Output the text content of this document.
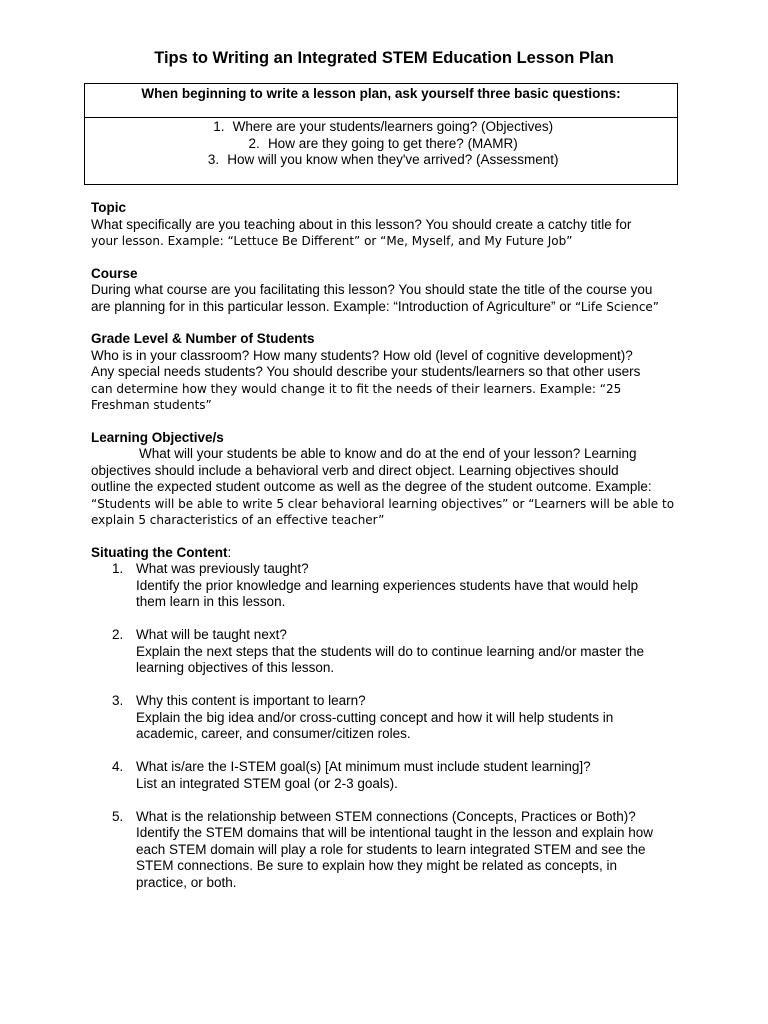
Tips to Writing an Integrated STEM Education Lesson Plan
When beginning to write a lesson plan, ask yourself three basic questions:
1. Where are your students/learners going? (Objectives)
2. How are they going to get there? (MAMR)
3. How will you know when they've arrived? (Assessment)
Topic
What specifically are you teaching about in this lesson? You should create a catchy title for
your lesson. Example: “Lettuce Be Different” or “Me, Myself, and My Future Job”
Course
During what course are you facilitating this lesson? You should state the title of the course you
are planning for in this particular lesson. Example: “Introduction of Agriculture” or “Life Science”
Grade Level & Number of Students
Who is in your classroom? How many students? How old (level of cognitive development)?
Any special needs students? You should describe your students/learners so that other users
can determine how they would change it to fit the needs of their learners. Example: “25
Freshman students”
Learning Objective/s
What will your students be able to know and do at the end of your lesson? Learning
objectives should include a behavioral verb and direct object. Learning objectives should
outline the expected student outcome as well as the degree of the student outcome. Example:
“Students will be able to write 5 clear behavioral learning objectives” or “Learners will be able to
explain 5 characteristics of an effective teacher”
Situating the Content:
1. What was previously taught?
Identify the prior knowledge and learning experiences students have that would help
them learn in this lesson.
2. What will be taught next?
Explain the next steps that the students will do to continue learning and/or master the
learning objectives of this lesson.
3. Why this content is important to learn?
Explain the big idea and/or cross-cutting concept and how it will help students in
academic, career, and consumer/citizen roles.
4. What is/are the I-STEM goal(s) [At minimum must include student learning]?
List an integrated STEM goal (or 2-3 goals).
5. What is the relationship between STEM connections (Concepts, Practices or Both)?
Identify the STEM domains that will be intentional taught in the lesson and explain how
each STEM domain will play a role for students to learn integrated STEM and see the
STEM connections. Be sure to explain how they might be related as concepts, in
practice, or both.
